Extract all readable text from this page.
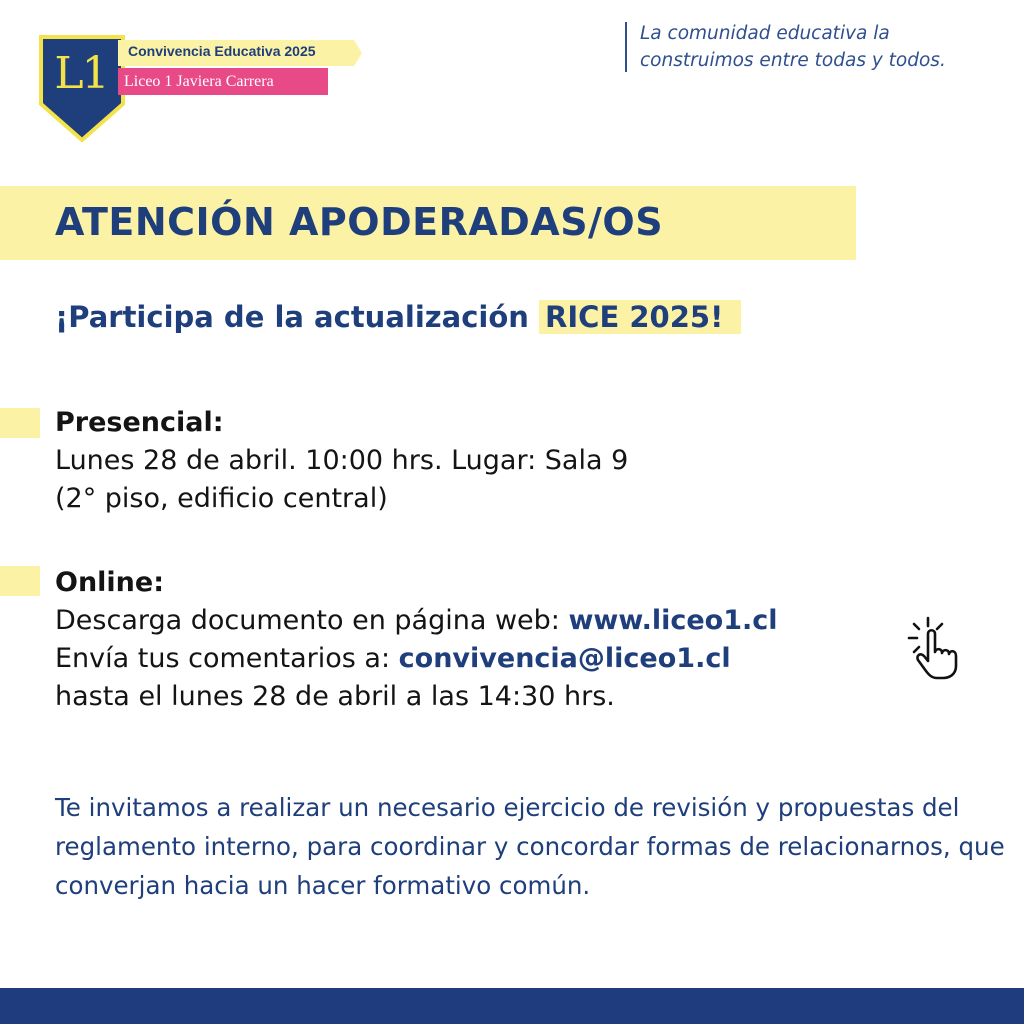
L1	Convivencia Educativa 2025
Liceo 1 Javiera Carrera
La comunidad educativa la
construimos entre todas y todos.
ATENCIÓN APODERADAS/OS
¡Participa de la actualización RICE 2025!
Presencial:
Lunes 28 de abril. 10:00 hrs. Lugar: Sala 9
(2° piso, edificio central)
Online:
Descarga documento en página web: www.liceo1.cl
Envía tus comentarios a: convivencia@liceo1.cl
hasta el lunes 28 de abril a las 14:30 hrs.
Te invitamos a realizar un necesario ejercicio de revisión y propuestas del reglamento interno, para coordinar y concordar formas de relacionarnos, que converjan hacia un hacer formativo común.
